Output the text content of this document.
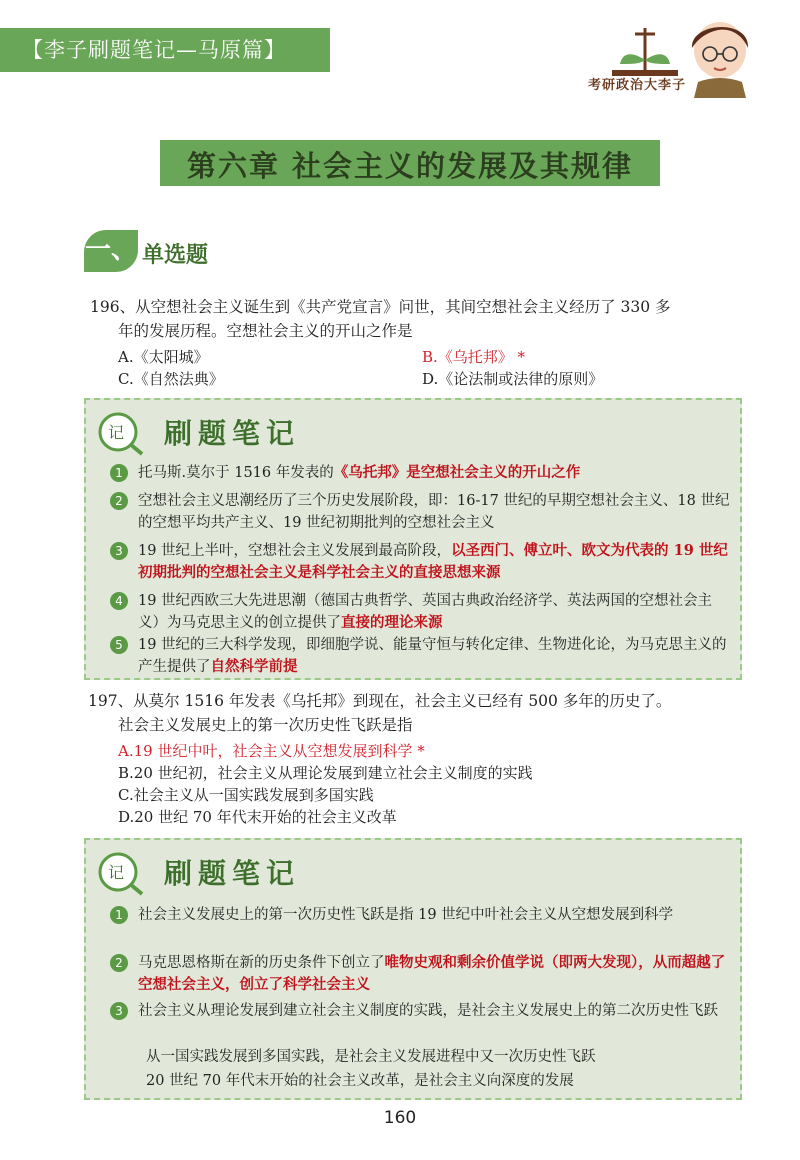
【李子刷题笔记—马原篇】
考研政治大李子
第六章 社会主义的发展及其规律
一、 单选题
196、从空想社会主义诞生到《共产党宣言》问世，其间空想社会主义经历了 330 多
年的发展历程。空想社会主义的开山之作是
A.《太阳城》	B.《乌托邦》 *
C.《自然法典》	D.《论法制或法律的原则》
记 刷题笔记
1	托马斯.莫尔于 1516 年发表的《乌托邦》是空想社会主义的开山之作
2	空想社会主义思潮经历了三个历史发展阶段，即：16-17 世纪的早期空想社会主义、18 世纪的空想平均共产主义、19 世纪初期批判的空想社会主义
3	19 世纪上半叶，空想社会主义发展到最高阶段，以圣西门、傅立叶、欧文为代表的 19 世纪初期批判的空想社会主义是科学社会主义的直接思想来源
4	19 世纪西欧三大先进思潮（德国古典哲学、英国古典政治经济学、英法两国的空想社会主义）为马克思主义的创立提供了直接的理论来源
5	19 世纪的三大科学发现，即细胞学说、能量守恒与转化定律、生物进化论，为马克思主义的产生提供了自然科学前提
197、从莫尔 1516 年发表《乌托邦》到现在，社会主义已经有 500 多年的历史了。
社会主义发展史上的第一次历史性飞跃是指
A.19 世纪中叶，社会主义从空想发展到科学 *
B.20 世纪初，社会主义从理论发展到建立社会主义制度的实践
C.社会主义从一国实践发展到多国实践
D.20 世纪 70 年代末开始的社会主义改革
记 刷题笔记
1	社会主义发展史上的第一次历史性飞跃是指 19 世纪中叶社会主义从空想发展到科学
2	马克思恩格斯在新的历史条件下创立了唯物史观和剩余价值学说（即两大发现），从而超越了空想社会主义，创立了科学社会主义
3	社会主义从理论发展到建立社会主义制度的实践，是社会主义发展史上的第二次历史性飞跃
从一国实践发展到多国实践，是社会主义发展进程中又一次历史性飞跃
20 世纪 70 年代末开始的社会主义改革，是社会主义向深度的发展
160
